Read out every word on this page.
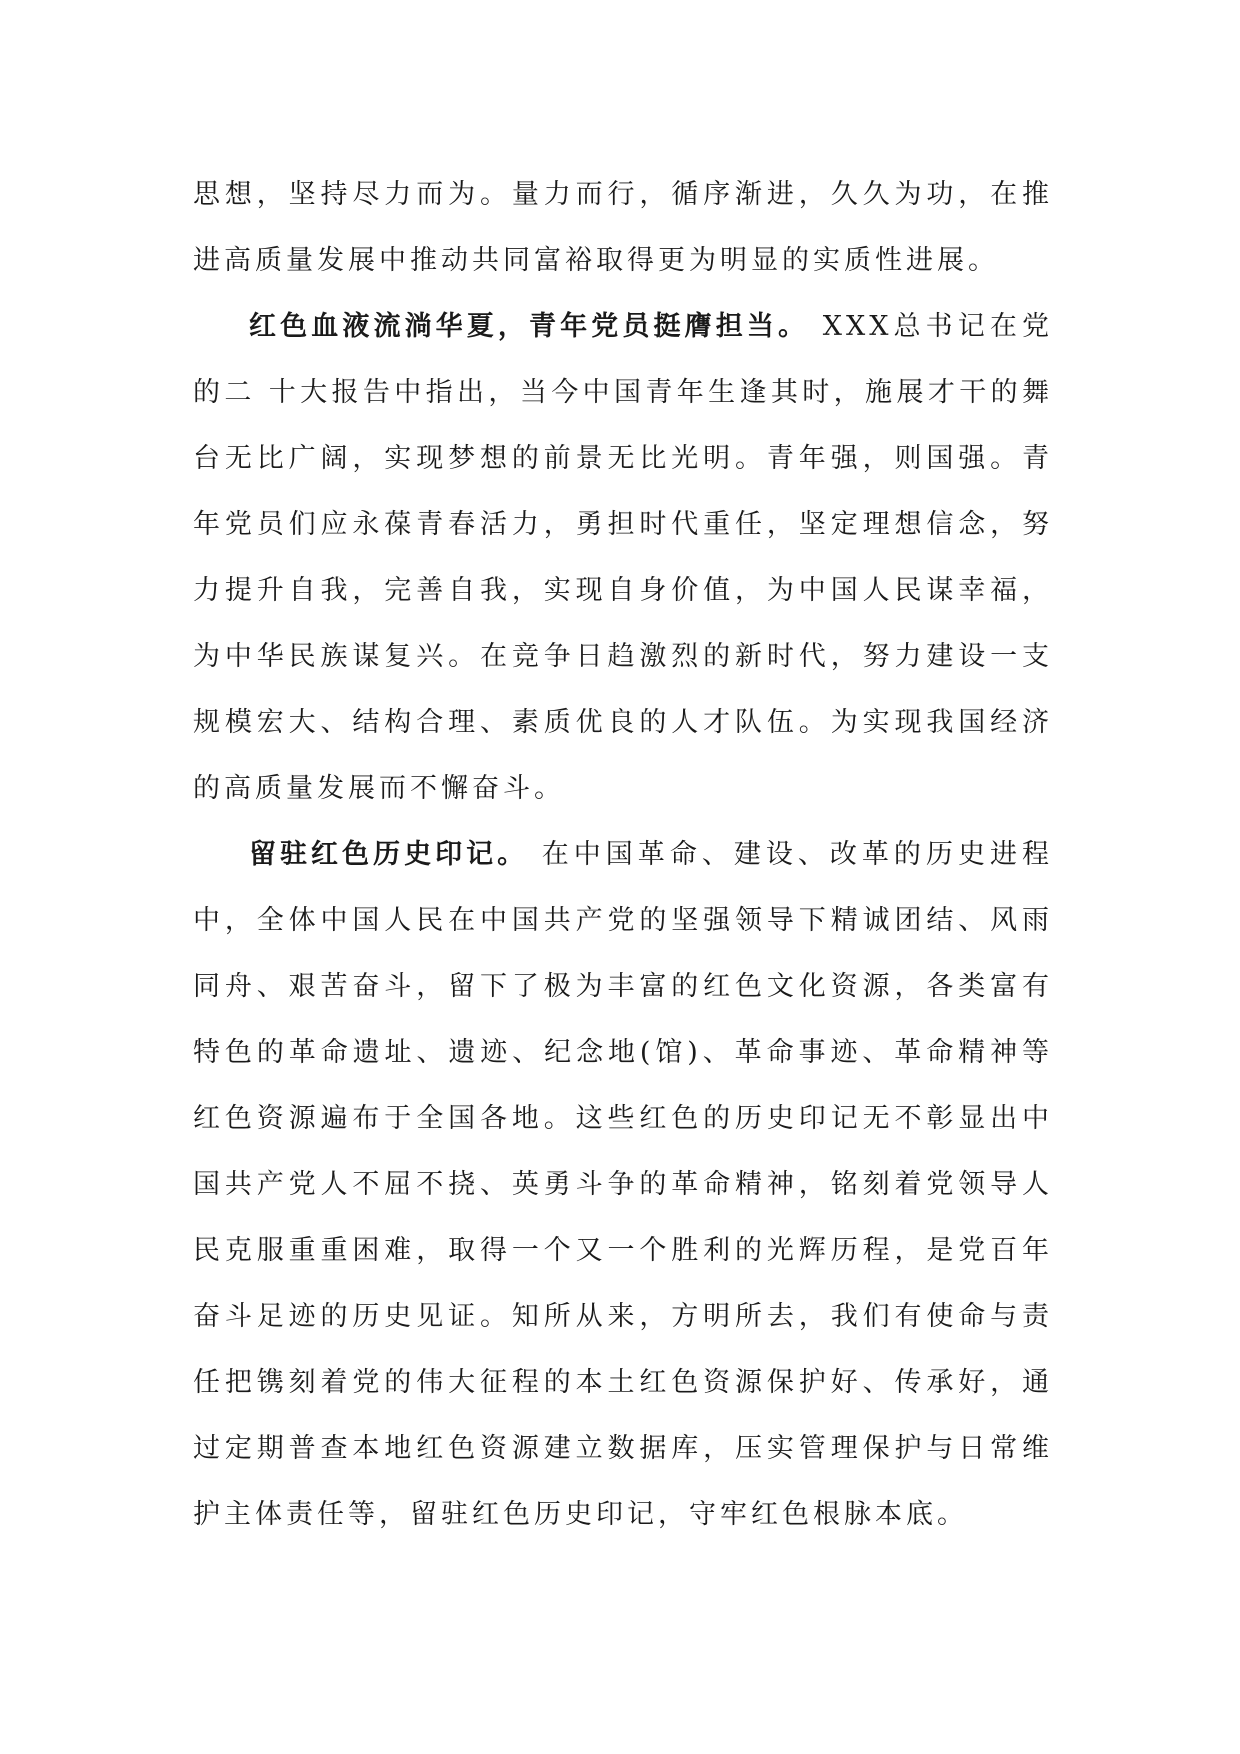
思想，坚持尽力而为。量力而行，循序渐进，久久为功，在推进高质量发展中推动共同富裕取得更为明显的实质性进展。

红色血液流淌华夏，青年党员挺膺担当。 XXX总书记在党的二 十大报告中指出，当今中国青年生逢其时，施展才干的舞台无比广阔，实现梦想的前景无比光明。青年强，则国强。青年党员们应永葆青春活力，勇担时代重任，坚定理想信念，努力提升自我，完善自我，实现自身价值，为中国人民谋幸福，为中华民族谋复兴。在竞争日趋激烈的新时代，努力建设一支规模宏大、结构合理、素质优良的人才队伍。为实现我国经济的高质量发展而不懈奋斗。

留驻红色历史印记。 在中国革命、建设、改革的历史进程中，全体中国人民在中国共产党的坚强领导下精诚团结、风雨同舟、艰苦奋斗，留下了极为丰富的红色文化资源，各类富有特色的革命遗址、遗迹、纪念地(馆)、革命事迹、革命精神等红色资源遍布于全国各地。这些红色的历史印记无不彰显出中国共产党人不屈不挠、英勇斗争的革命精神，铭刻着党领导人民克服重重困难，取得一个又一个胜利的光辉历程，是党百年奋斗足迹的历史见证。知所从来，方明所去，我们有使命与责任把镌刻着党的伟大征程的本土红色资源保护好、传承好，通过定期普查本地红色资源建立数据库，压实管理保护与日常维护主体责任等，留驻红色历史印记，守牢红色根脉本底。
